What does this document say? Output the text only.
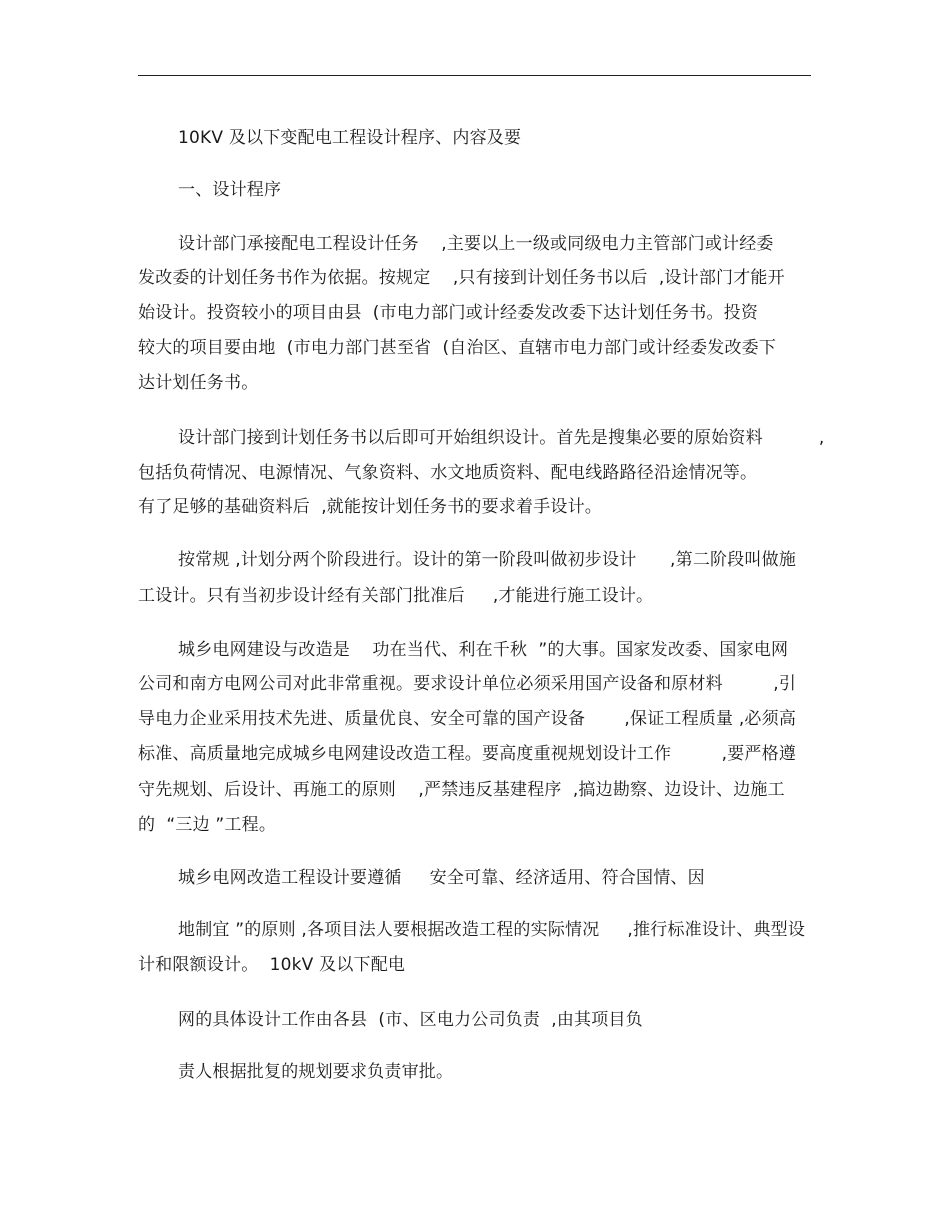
10KV 及以下变配电工程设计程序、内容及要
一、设计程序
设计部门承接配电工程设计任务    ,主要以上一级或同级电力主管部门或计经委
发改委的计划任务书作为依据。按规定    ,只有接到计划任务书以后  ,设计部门才能开
始设计。投资较小的项目由县  (市电力部门或计经委发改委下达计划任务书。投资
较大的项目要由地  (市电力部门甚至省  (自治区、直辖市电力部门或计经委发改委下
达计划任务书。
设计部门接到计划任务书以后即可开始组织设计。首先是搜集必要的原始资料          ,
包括负荷情况、电源情况、气象资料、水文地质资料、配电线路路径沿途情况等。
有了足够的基础资料后  ,就能按计划任务书的要求着手设计。
按常规 ,计划分两个阶段进行。设计的第一阶段叫做初步设计      ,第二阶段叫做施
工设计。只有当初步设计经有关部门批准后     ,才能进行施工设计。
城乡电网建设与改造是    功在当代、利在千秋  ”的大事。国家发改委、国家电网
公司和南方电网公司对此非常重视。要求设计单位必须采用国产设备和原材料         ,引
导电力企业采用技术先进、质量优良、安全可靠的国产设备       ,保证工程质量 ,必须高
标准、高质量地完成城乡电网建设改造工程。要高度重视规划设计工作         ,要严格遵
守先规划、后设计、再施工的原则    ,严禁违反基建程序  ,搞边勘察、边设计、边施工
的  “三边 ”工程。
城乡电网改造工程设计要遵循     安全可靠、经济适用、符合国情、因
地制宜 ”的原则 ,各项目法人要根据改造工程的实际情况     ,推行标准设计、典型设
计和限额设计。  10kV 及以下配电
网的具体设计工作由各县  (市、区电力公司负责  ,由其项目负
责人根据批复的规划要求负责审批。
